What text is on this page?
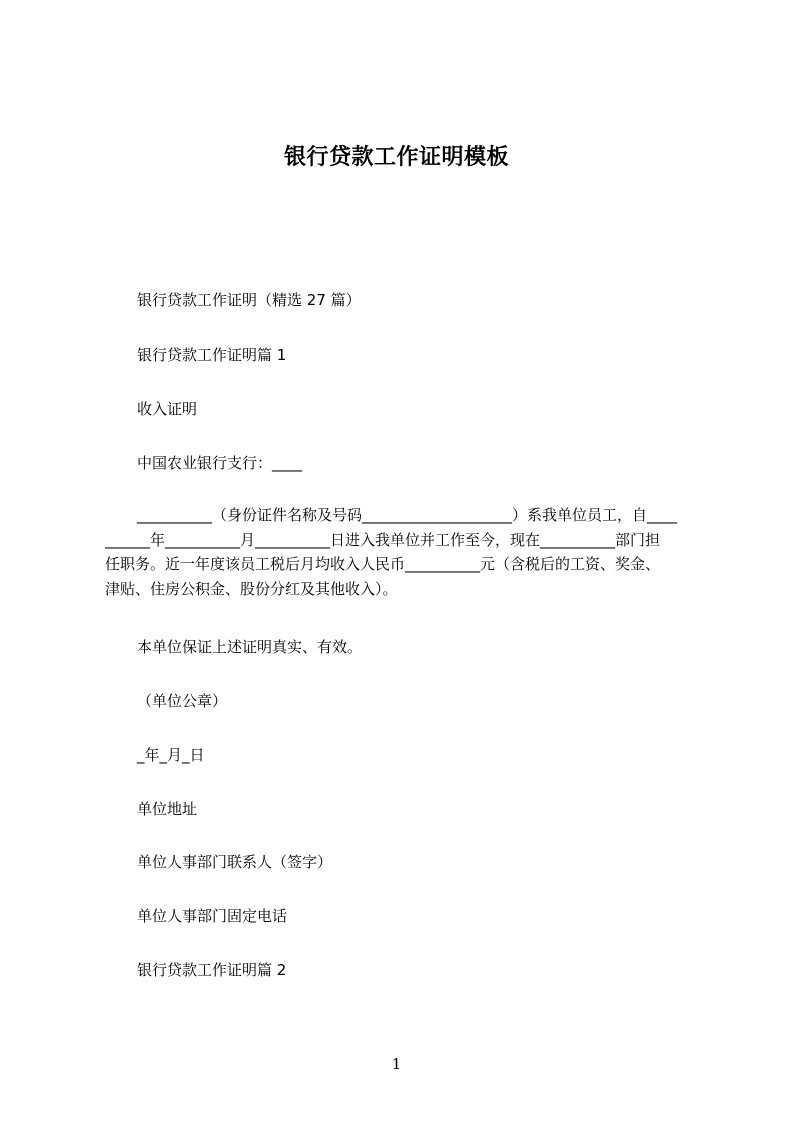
银行贷款工作证明模板
银行贷款工作证明（精选 27 篇）
银行贷款工作证明篇 1
收入证明
中国农业银行支行：____
__________（身份证件名称及号码____________________）系我单位员工，自____
______年__________月__________日进入我单位并工作至今，现在__________部门担
任职务。近一年度该员工税后月均收入人民币__________元（含税后的工资、奖金、
津贴、住房公积金、股份分红及其他收入）。
本单位保证上述证明真实、有效。
（单位公章）
_年_月_日
单位地址
单位人事部门联系人（签字）
单位人事部门固定电话
银行贷款工作证明篇 2
1
